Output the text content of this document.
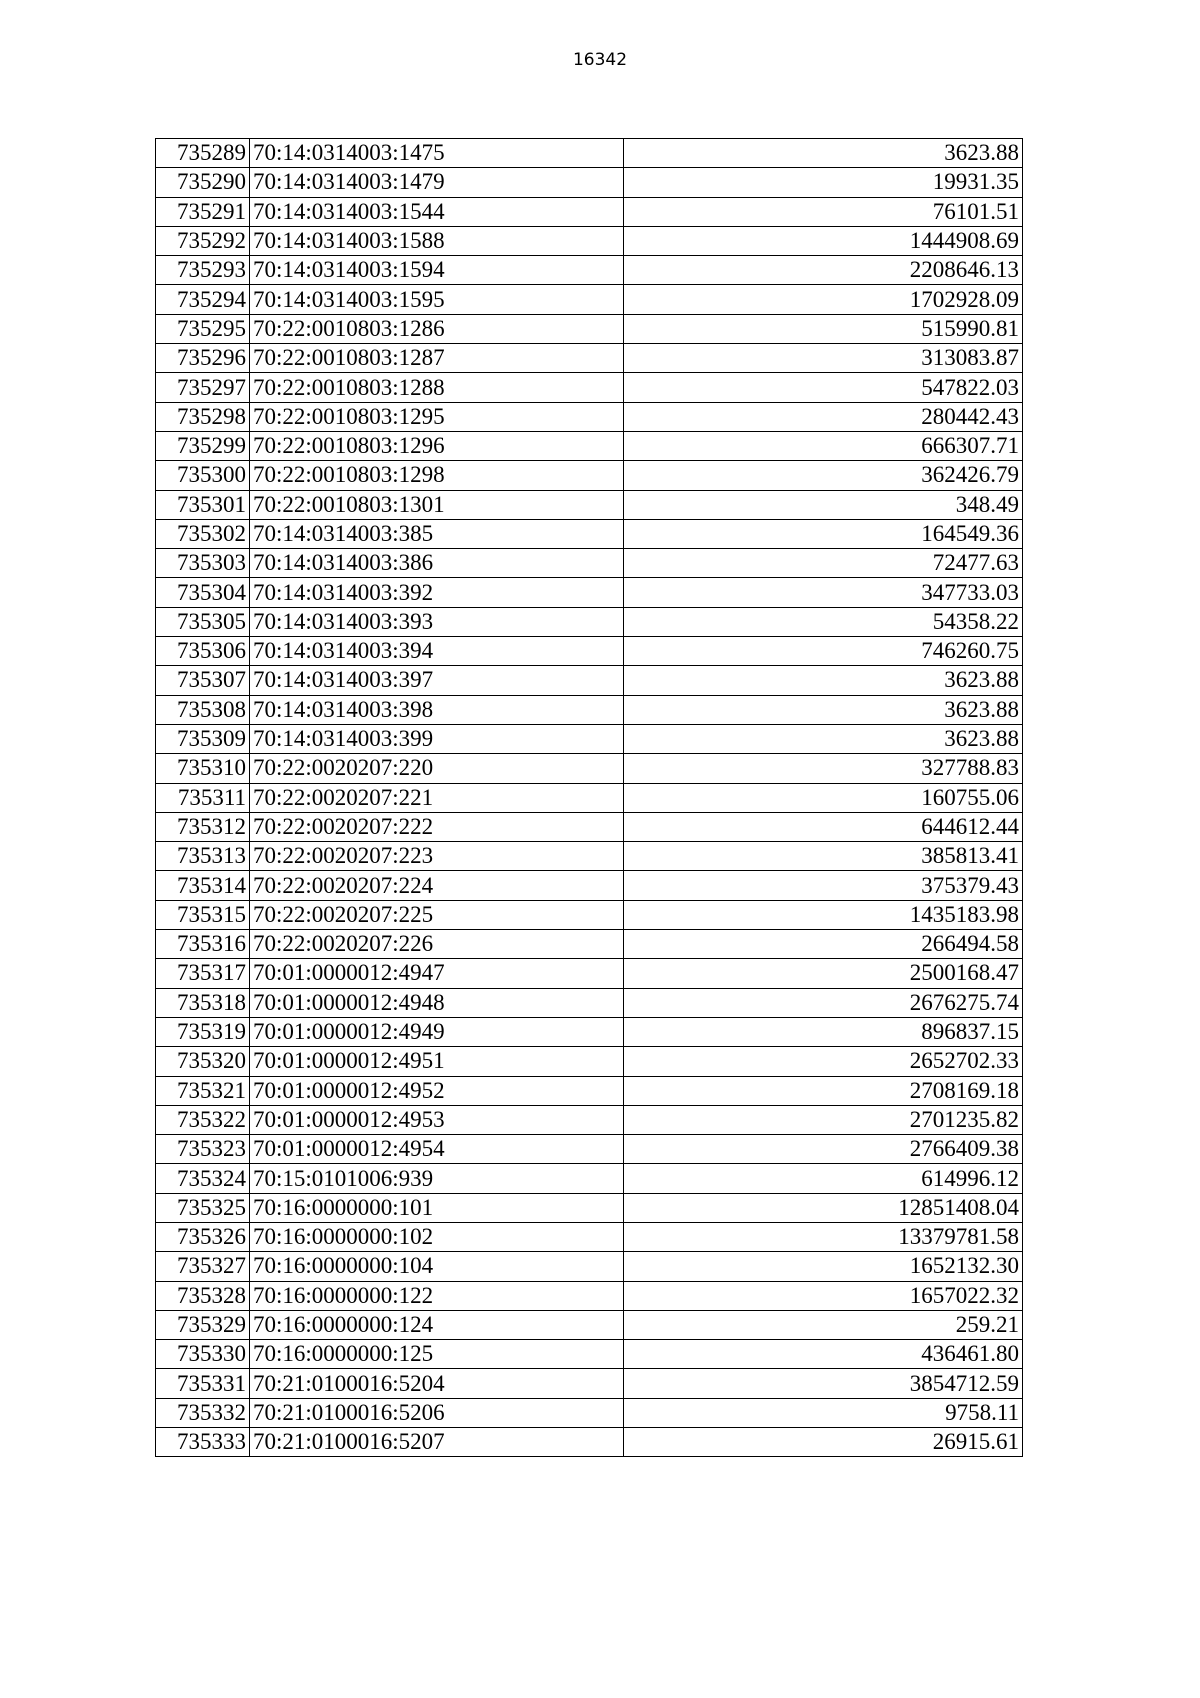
16342
735289	70:14:0314003:1475	3623.88
735290	70:14:0314003:1479	19931.35
735291	70:14:0314003:1544	76101.51
735292	70:14:0314003:1588	1444908.69
735293	70:14:0314003:1594	2208646.13
735294	70:14:0314003:1595	1702928.09
735295	70:22:0010803:1286	515990.81
735296	70:22:0010803:1287	313083.87
735297	70:22:0010803:1288	547822.03
735298	70:22:0010803:1295	280442.43
735299	70:22:0010803:1296	666307.71
735300	70:22:0010803:1298	362426.79
735301	70:22:0010803:1301	348.49
735302	70:14:0314003:385	164549.36
735303	70:14:0314003:386	72477.63
735304	70:14:0314003:392	347733.03
735305	70:14:0314003:393	54358.22
735306	70:14:0314003:394	746260.75
735307	70:14:0314003:397	3623.88
735308	70:14:0314003:398	3623.88
735309	70:14:0314003:399	3623.88
735310	70:22:0020207:220	327788.83
735311	70:22:0020207:221	160755.06
735312	70:22:0020207:222	644612.44
735313	70:22:0020207:223	385813.41
735314	70:22:0020207:224	375379.43
735315	70:22:0020207:225	1435183.98
735316	70:22:0020207:226	266494.58
735317	70:01:0000012:4947	2500168.47
735318	70:01:0000012:4948	2676275.74
735319	70:01:0000012:4949	896837.15
735320	70:01:0000012:4951	2652702.33
735321	70:01:0000012:4952	2708169.18
735322	70:01:0000012:4953	2701235.82
735323	70:01:0000012:4954	2766409.38
735324	70:15:0101006:939	614996.12
735325	70:16:0000000:101	12851408.04
735326	70:16:0000000:102	13379781.58
735327	70:16:0000000:104	1652132.30
735328	70:16:0000000:122	1657022.32
735329	70:16:0000000:124	259.21
735330	70:16:0000000:125	436461.80
735331	70:21:0100016:5204	3854712.59
735332	70:21:0100016:5206	9758.11
735333	70:21:0100016:5207	26915.61
